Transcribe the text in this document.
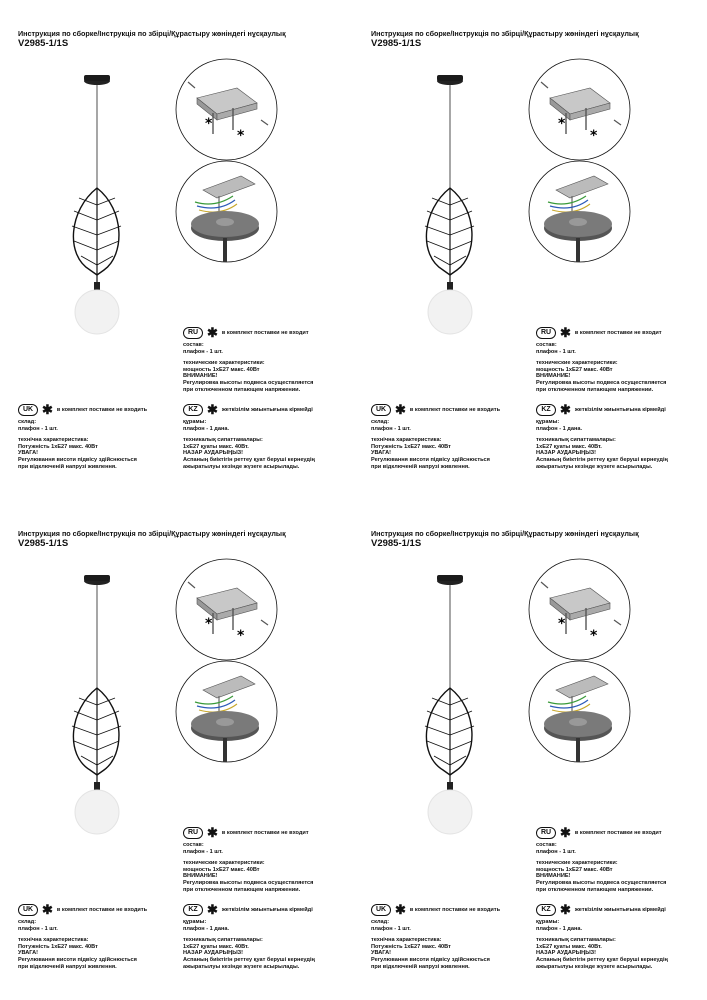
Инструкция по сборке/Інструкція по збірці/Құрастыру жөніндегі нұсқаулық
V2985-1/1S
*
*
RU ✱ в комплект поставки не входит
состав:
плафон - 1 шт.
технические характеристики:
мощность 1хЕ27 макс. 40Вт
ВНИМАНИЕ!
Регулировка высоты подвеса осуществляется
при отключенном питающем напряжении.
UK ✱ в комплект поставки не входить
склад:
плафон - 1 шт.
технічна характеристика:
Потужність 1хЕ27 макс. 40Вт
УВАГА!
Регулювання висоти підвісу здійснюється
при відключеній напрузі живлення.
KZ ✱ жеткізілім жиынтығына кірмейді
құрамы:
плафон - 1 дана.
техникалық сипаттамалары:
1хЕ27 қуаты макс. 40Вт.
НАЗАР АУДАРЫҢЫЗ!
Аспаның биіктігін реттеу қуат беруші кернеудің
ажыратылуы кезінде жүзеге асырылады.
Инструкция по сборке/Інструкція по збірці/Құрастыру жөніндегі нұсқаулық
V2985-1/1S
*
*
RU ✱ в комплект поставки не входит
состав:
плафон - 1 шт.
технические характеристики:
мощность 1хЕ27 макс. 40Вт
ВНИМАНИЕ!
Регулировка высоты подвеса осуществляется
при отключенном питающем напряжении.
UK ✱ в комплект поставки не входить
склад:
плафон - 1 шт.
технічна характеристика:
Потужність 1хЕ27 макс. 40Вт
УВАГА!
Регулювання висоти підвісу здійснюється
при відключеній напрузі живлення.
KZ ✱ жеткізілім жиынтығына кірмейді
құрамы:
плафон - 1 дана.
техникалық сипаттамалары:
1хЕ27 қуаты макс. 40Вт.
НАЗАР АУДАРЫҢЫЗ!
Аспаның биіктігін реттеу қуат беруші кернеудің
ажыратылуы кезінде жүзеге асырылады.
Инструкция по сборке/Інструкція по збірці/Құрастыру жөніндегі нұсқаулық
V2985-1/1S
*
*
RU ✱ в комплект поставки не входит
состав:
плафон - 1 шт.
технические характеристики:
мощность 1хЕ27 макс. 40Вт
ВНИМАНИЕ!
Регулировка высоты подвеса осуществляется
при отключенном питающем напряжении.
UK ✱ в комплект поставки не входить
склад:
плафон - 1 шт.
технічна характеристика:
Потужність 1хЕ27 макс. 40Вт
УВАГА!
Регулювання висоти підвісу здійснюється
при відключеній напрузі живлення.
KZ ✱ жеткізілім жиынтығына кірмейді
құрамы:
плафон - 1 дана.
техникалық сипаттамалары:
1хЕ27 қуаты макс. 40Вт.
НАЗАР АУДАРЫҢЫЗ!
Аспаның биіктігін реттеу қуат беруші кернеудің
ажыратылуы кезінде жүзеге асырылады.
Инструкция по сборке/Інструкція по збірці/Құрастыру жөніндегі нұсқаулық
V2985-1/1S
*
*
RU ✱ в комплект поставки не входит
состав:
плафон - 1 шт.
технические характеристики:
мощность 1хЕ27 макс. 40Вт
ВНИМАНИЕ!
Регулировка высоты подвеса осуществляется
при отключенном питающем напряжении.
UK ✱ в комплект поставки не входить
склад:
плафон - 1 шт.
технічна характеристика:
Потужність 1хЕ27 макс. 40Вт
УВАГА!
Регулювання висоти підвісу здійснюється
при відключеній напрузі живлення.
KZ ✱ жеткізілім жиынтығына кірмейді
құрамы:
плафон - 1 дана.
техникалық сипаттамалары:
1хЕ27 қуаты макс. 40Вт.
НАЗАР АУДАРЫҢЫЗ!
Аспаның биіктігін реттеу қуат беруші кернеудің
ажыратылуы кезінде жүзеге асырылады.
